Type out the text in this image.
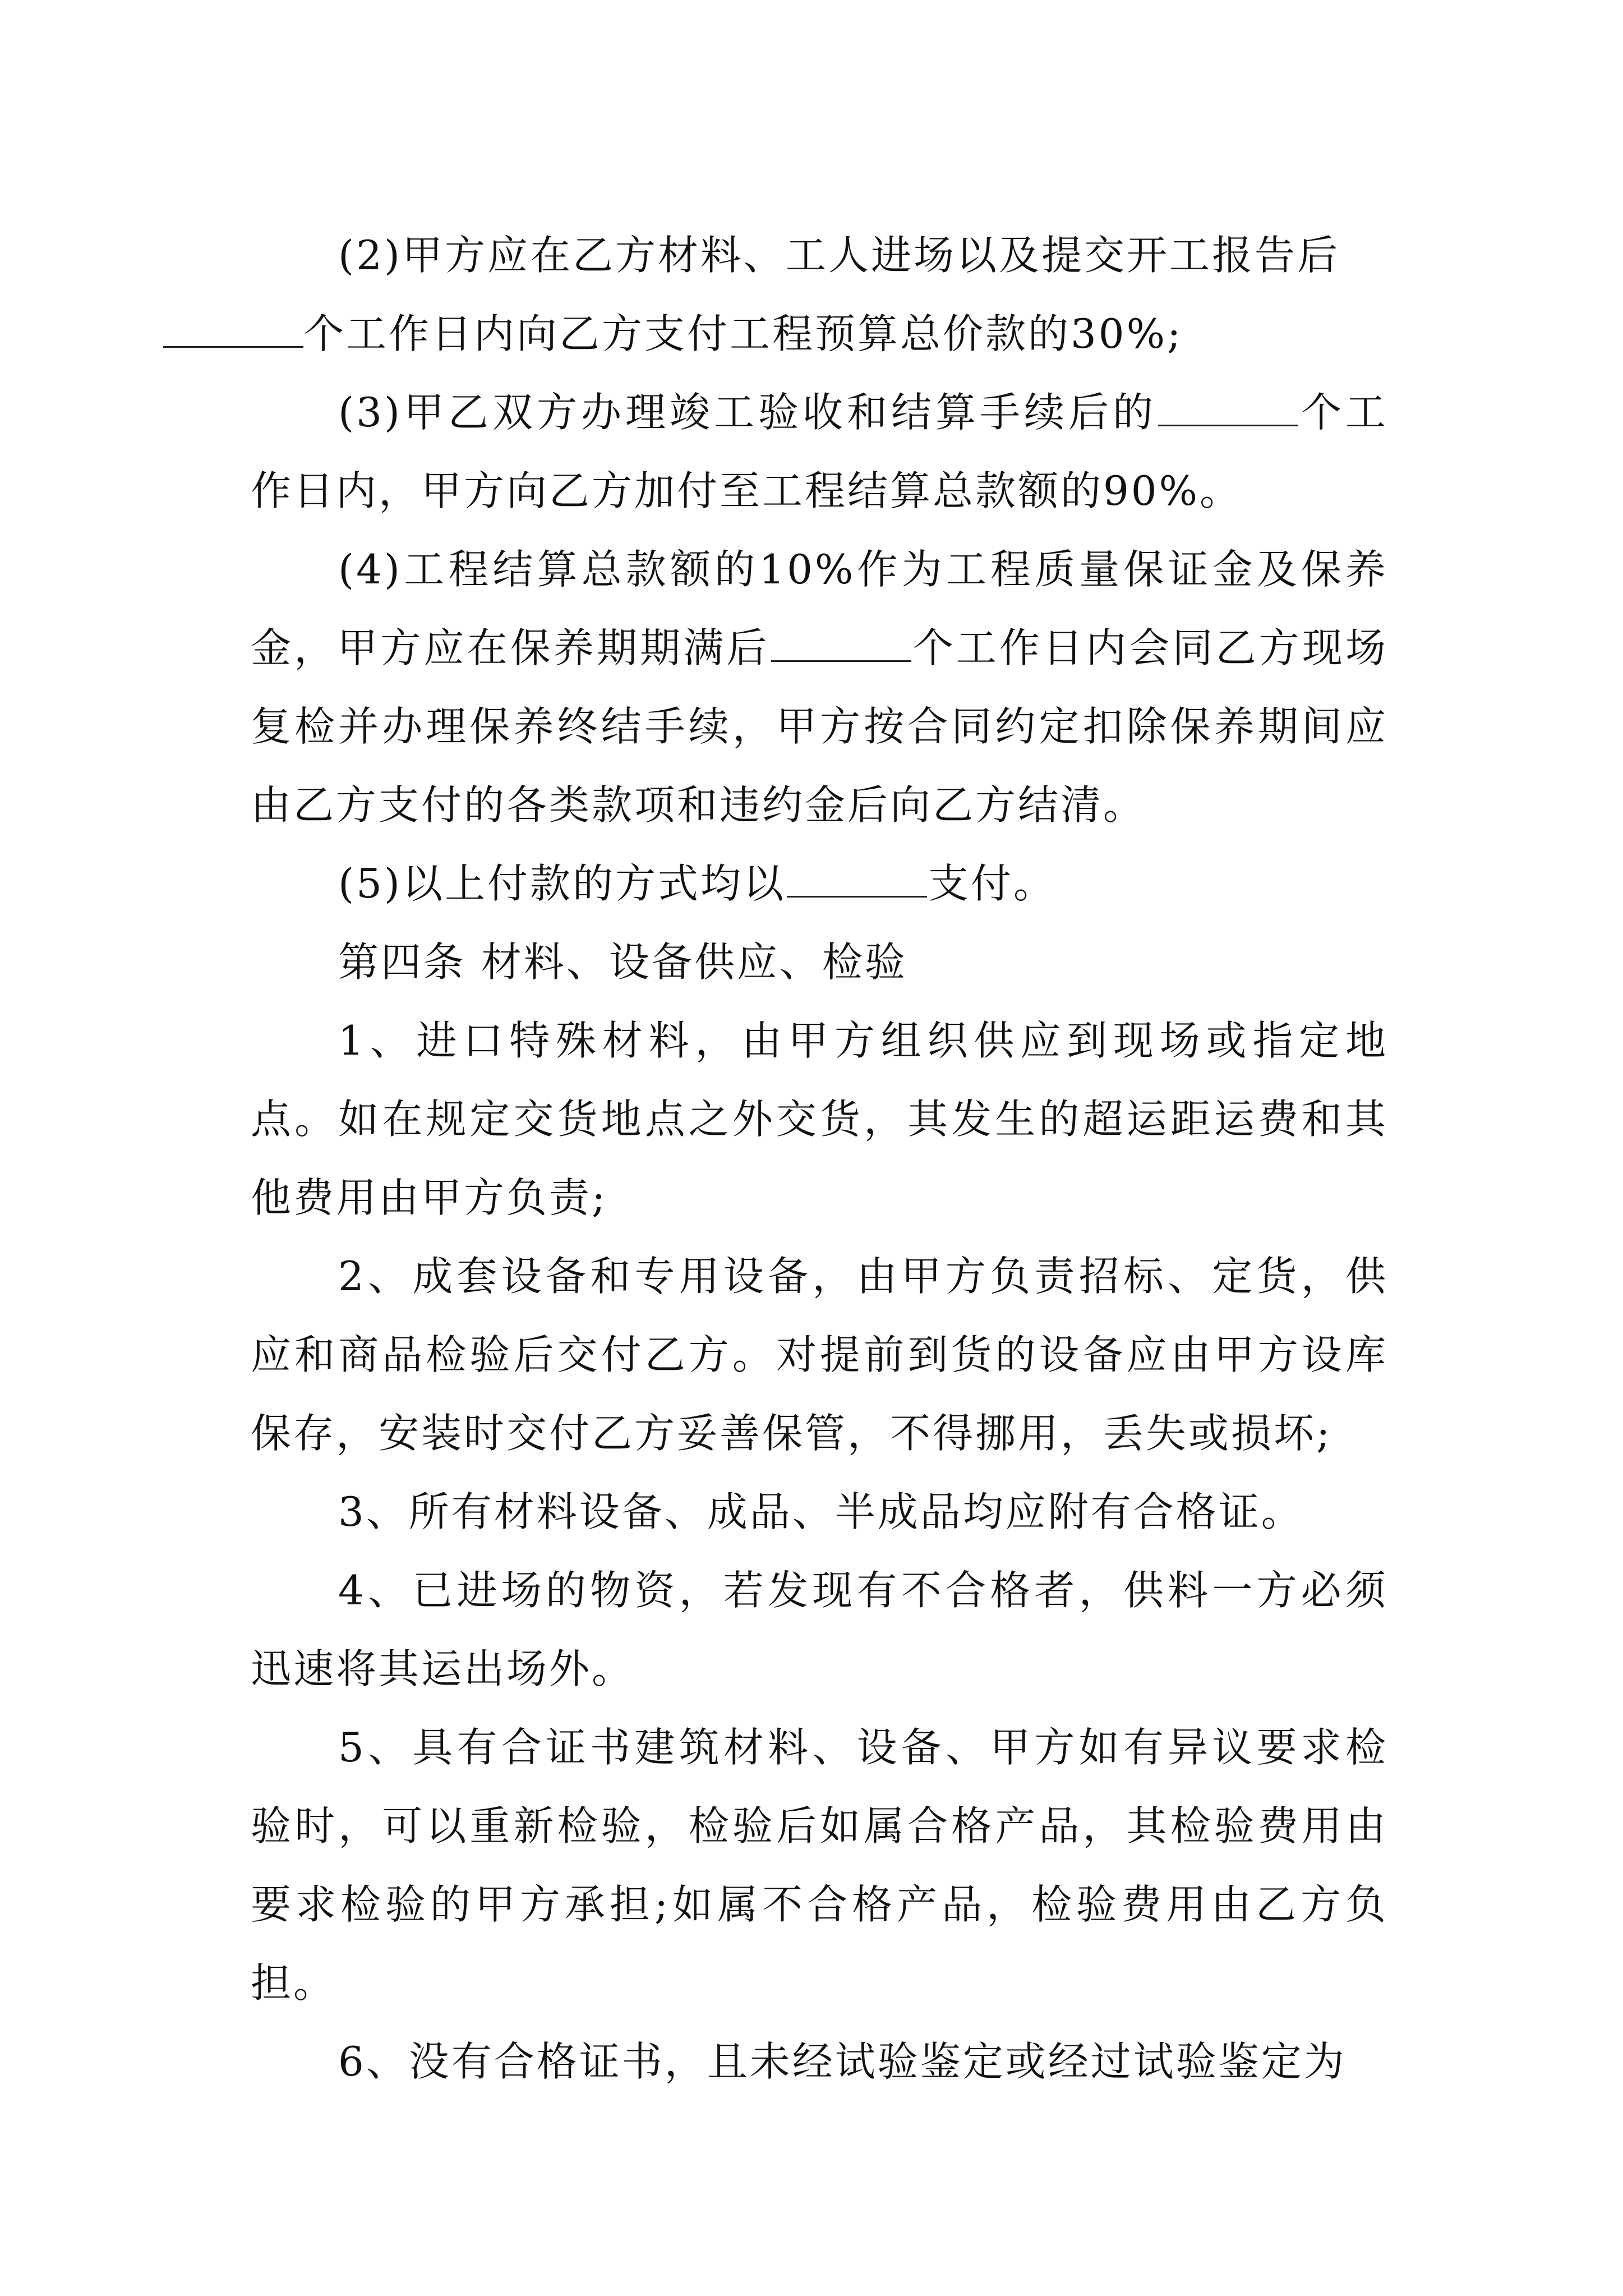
(2)甲方应在乙方材料、工人进场以及提交开工报告后
个工作日内向乙方支付工程预算总价款的30%;

(3)甲乙双方办理竣工验收和结算手续后的	个工作日内，甲方向乙方加付至工程结算总款额的90%。

(4)工程结算总款额的10%作为工程质量保证金及保养金，甲方应在保养期期满后	个工作日内会同乙方现场复检并办理保养终结手续，甲方按合同约定扣除保养期间应由乙方支付的各类款项和违约金后向乙方结清。

(5)以上付款的方式均以	支付。

第四条 材料、设备供应、检验

1、进口特殊材料，由甲方组织供应到现场或指定地点。如在规定交货地点之外交货，其发生的超运距运费和其他费用由甲方负责;

2、成套设备和专用设备，由甲方负责招标、定货，供应和商品检验后交付乙方。对提前到货的设备应由甲方设库保存，安装时交付乙方妥善保管，不得挪用，丢失或损坏;

3、所有材料设备、成品、半成品均应附有合格证。

4、已进场的物资，若发现有不合格者，供料一方必须迅速将其运出场外。

5、具有合证书建筑材料、设备、甲方如有异议要求检验时，可以重新检验，检验后如属合格产品，其检验费用由要求检验的甲方承担;如属不合格产品，检验费用由乙方负担。

6、没有合格证书，且未经试验鉴定或经过试验鉴定为
